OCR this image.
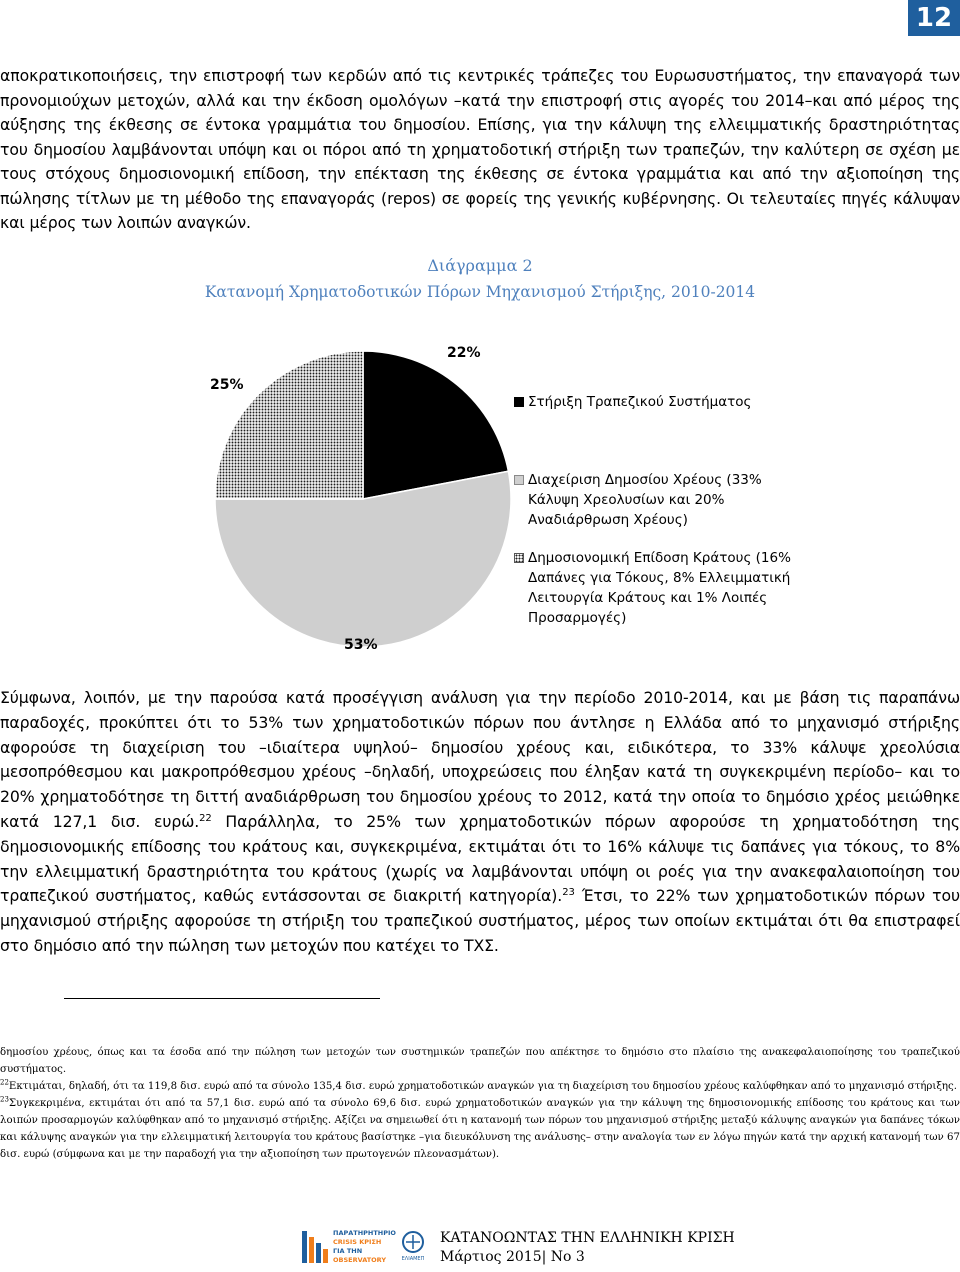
12

αποκρατικοποιήσεις, την επιστροφή των κερδών από τις κεντρικές τράπεζες του Ευρωσυστήματος, την επαναγορά των προνομιούχων μετοχών, αλλά και την έκδοση ομολόγων –κατά την επιστροφή στις αγορές του 2014–και από μέρος της αύξησης της έκθεσης σε έντοκα γραμμάτια του δημοσίου. Επίσης, για την κάλυψη της ελλειμματικής δραστηριότητας του δημοσίου λαμβάνονται υπόψη και οι πόροι από τη χρηματοδοτική στήριξη των τραπεζών, την καλύτερη σε σχέση με τους στόχους δημοσιονομική επίδοση, την επέκταση της έκθεσης σε έντοκα γραμμάτια και από την αξιοποίηση της πώλησης τίτλων με τη μέθοδο της επαναγοράς (repos) σε φορείς της γενικής κυβέρνησης. Οι τελευταίες πηγές κάλυψαν και μέρος των λοιπών αναγκών.

Διάγραμμα 2
Κατανομή Χρηματοδοτικών Πόρων Μηχανισμού Στήριξης, 2010-2014
22%
53%
25%
Στήριξη Τραπεζικού Συστήματος
Διαχείριση Δημοσίου Χρέους (33%
Κάλυψη Χρεολυσίων και 20%
Αναδιάρθρωση Χρέους)
Δημοσιονομική Επίδοση Κράτους (16%
Δαπάνες για Τόκους, 8% Ελλειμματική
Λειτουργία Κράτους και 1% Λοιπές
Προσαρμογές)

Σύμφωνα, λοιπόν, με την παρούσα κατά προσέγγιση ανάλυση για την περίοδο 2010-2014, και με βάση τις παραπάνω παραδοχές, προκύπτει ότι το 53% των χρηματοδοτικών πόρων που άντλησε η Ελλάδα από το μηχανισμό στήριξης αφορούσε τη διαχείριση του –ιδιαίτερα υψηλού– δημοσίου χρέους και, ειδικότερα, το 33% κάλυψε χρεολύσια μεσοπρόθεσμου και μακροπρόθεσμου χρέους –δηλαδή, υποχρεώσεις που έληξαν κατά τη συγκεκριμένη περίοδο– και το 20% χρηματοδότησε τη διττή αναδιάρθρωση του δημοσίου χρέους το 2012, κατά την οποία το δημόσιο χρέος μειώθηκε κατά 127,1 δισ. ευρώ.$^{22}$ Παράλληλα, το 25% των χρηματοδοτικών πόρων αφορούσε τη χρηματοδότηση της δημοσιονομικής επίδοσης του κράτους και, συγκεκριμένα, εκτιμάται ότι το 16% κάλυψε τις δαπάνες για τόκους, το 8% την ελλειμματική δραστηριότητα του κράτους (χωρίς να λαμβάνονται υπόψη οι ροές για την ανακεφαλαιοποίηση του τραπεζικού συστήματος, καθώς εντάσσονται σε διακριτή κατηγορία).$^{23}$ Έτσι, το 22% των χρηματοδοτικών πόρων του μηχανισμού στήριξης αφορούσε τη στήριξη του τραπεζικού συστήματος, μέρος των οποίων εκτιμάται ότι θα επιστραφεί στο δημόσιο από την πώληση των μετοχών που κατέχει το ΤΧΣ.

δημοσίου χρέους, όπως και τα έσοδα από την πώληση των μετοχών των συστημικών τραπεζών που απέκτησε το δημόσιο στο πλαίσιο της ανακεφαλαιοποίησης του τραπεζικού συστήματος.
$^{22}$Εκτιμάται, δηλαδή, ότι τα 119,8 δισ. ευρώ από τα σύνολο 135,4 δισ. ευρώ χρηματοδοτικών αναγκών για τη διαχείριση του δημοσίου χρέους καλύφθηκαν από το μηχανισμό στήριξης.
$^{23}$Συγκεκριμένα, εκτιμάται ότι από τα 57,1 δισ. ευρώ από τα σύνολο 69,6 δισ. ευρώ χρηματοδοτικών αναγκών για την κάλυψη της δημοσιονομικής επίδοσης του κράτους και των λοιπών προσαρμογών καλύφθηκαν από το μηχανισμό στήριξης. Αξίζει να σημειωθεί ότι η κατανομή των πόρων του μηχανισμού στήριξης μεταξύ κάλυψης αναγκών για δαπάνες τόκων και κάλυψης αναγκών για την ελλειμματική λειτουργία του κράτους βασίστηκε –για διευκόλυνση της ανάλυσης– στην αναλογία των εν λόγω πηγών κατά την αρχική κατανομή των 67 δισ. ευρώ (σύμφωνα και με την παραδοχή για την αξιοποίηση των πρωτογενών πλεονασμάτων).
ΠΑΡΑΤΗΡΗΤΗΡΙΟ
CRISIS ΚΡΙΣΗ
ΓΙΑ ΤΗΝ
OBSERVATORY	ΕΛΙΑΜΕΠ
ΚΑΤΑΝΟΩΝΤΑΣ ΤΗΝ ΕΛΛΗΝΙΚΗ ΚΡΙΣΗ
Μάρτιος 2015| Νο 3
